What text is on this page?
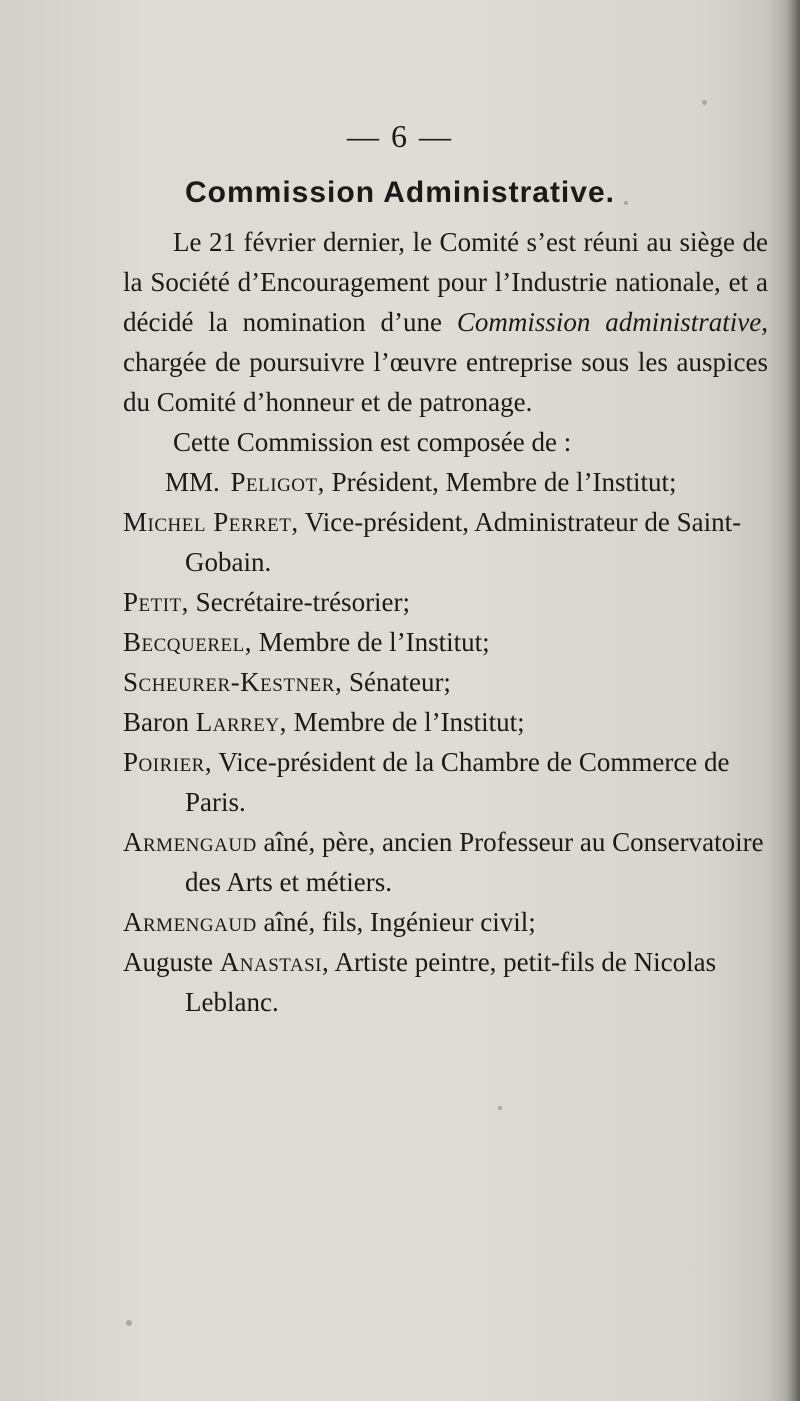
— 6 —
Commission Administrative.

Le 21 février dernier, le Comité s’est réuni au siège de la Société d’Encouragement pour l’Industrie nationale, et a décidé la nomination d’une Commission administrative, chargée de poursuivre l’œuvre entreprise sous les auspices du Comité d’honneur et de patronage.

Cette Commission est composée de :

MM. Peligot, Président, Membre de l’Institut;
Michel Perret, Vice-président, Administrateur de Saint-Gobain.
Petit, Secrétaire-trésorier;
Becquerel, Membre de l’Institut;
Scheurer-Kestner, Sénateur;
Baron Larrey, Membre de l’Institut;
Poirier, Vice-président de la Chambre de Commerce de Paris.
Armengaud aîné, père, ancien Professeur au Conservatoire des Arts et métiers.
Armengaud aîné, fils, Ingénieur civil;
Auguste Anastasi, Artiste peintre, petit-fils de Nicolas Leblanc.
